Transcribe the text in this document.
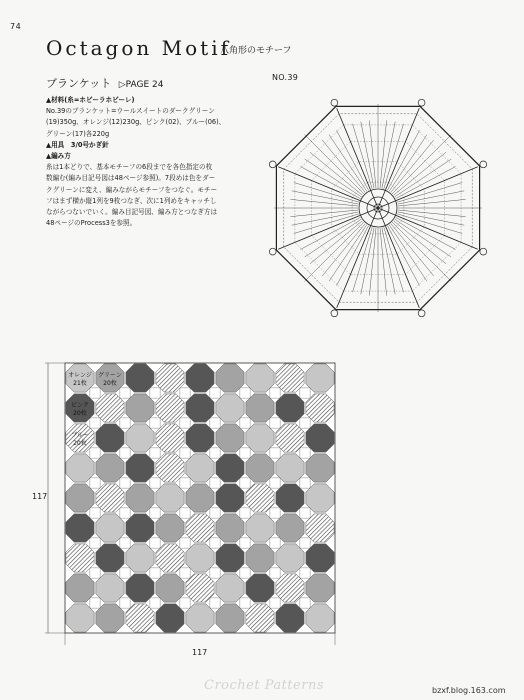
74
Octagon Motif
八角形のモチーフ
ブランケット ▷PAGE 24
NO.39

▲材料(糸=ホビーラホビーレ)

No.39のブランケット=ウールスイートのダークグリーン

(19)350g、オレンジ(12)230g、ピンク(02)、ブルー(06)、

グリーン(17)各220g

▲用具　3/0号かぎ針

▲編み方

糸は1本どりで、基本モチーフの6段までを各色指定の枚

数編む(編み目記号図は48ページ参照)。7段めは色をダー

クグリーンに変え、編みながらモチーフをつなぐ。モチー

フはまず横か縦1列を9枚つなぎ、次に1列めをキャッチし

ながらつないでいく。編み目記号図、編み方とつなぎ方は

48ページのProcess3を参照。

オレンジ
21枚
グリーン
20枚
ピンク
20枚
ブルー
20枚
117
117
Crochet Patterns	bzxf.blog.163.com
